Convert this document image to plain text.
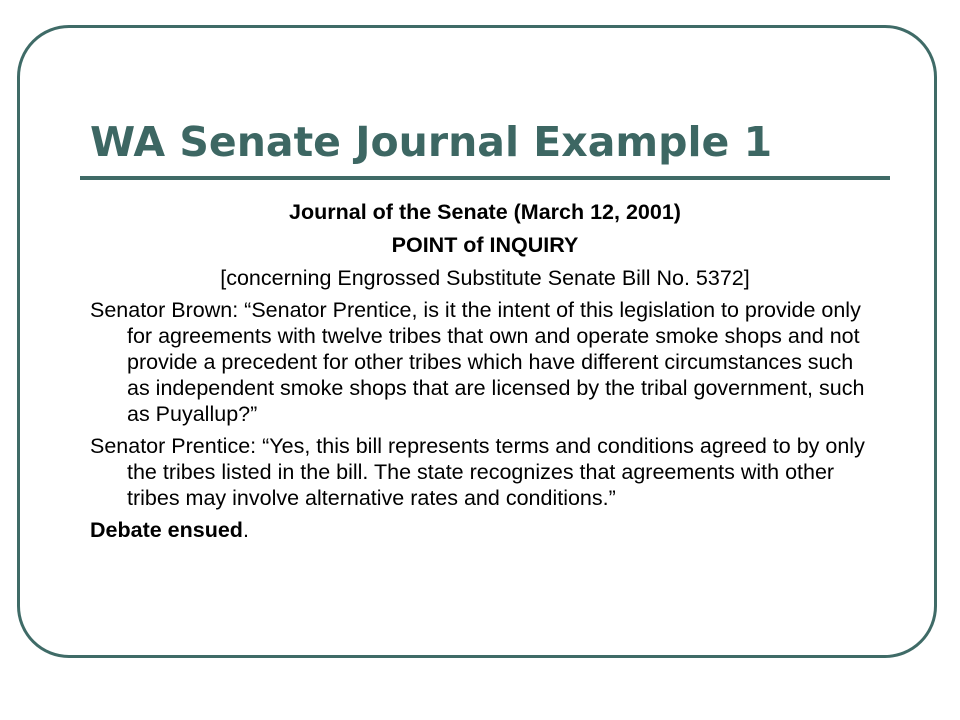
WA Senate Journal Example 1
Journal of the Senate (March 12, 2001)
POINT of INQUIRY
[concerning Engrossed Substitute Senate Bill No. 5372]
Senator Brown: “Senator Prentice, is it the intent of this legislation to provide only for agreements with twelve tribes that own and operate smoke shops and not provide a precedent for other tribes which have different circumstances such as independent smoke shops that are licensed by the tribal government, such as Puyallup?”
Senator Prentice: “Yes, this bill represents terms and conditions agreed to by only the tribes listed in the bill. The state recognizes that agreements with other tribes may involve alternative rates and conditions.”
Debate ensued.
